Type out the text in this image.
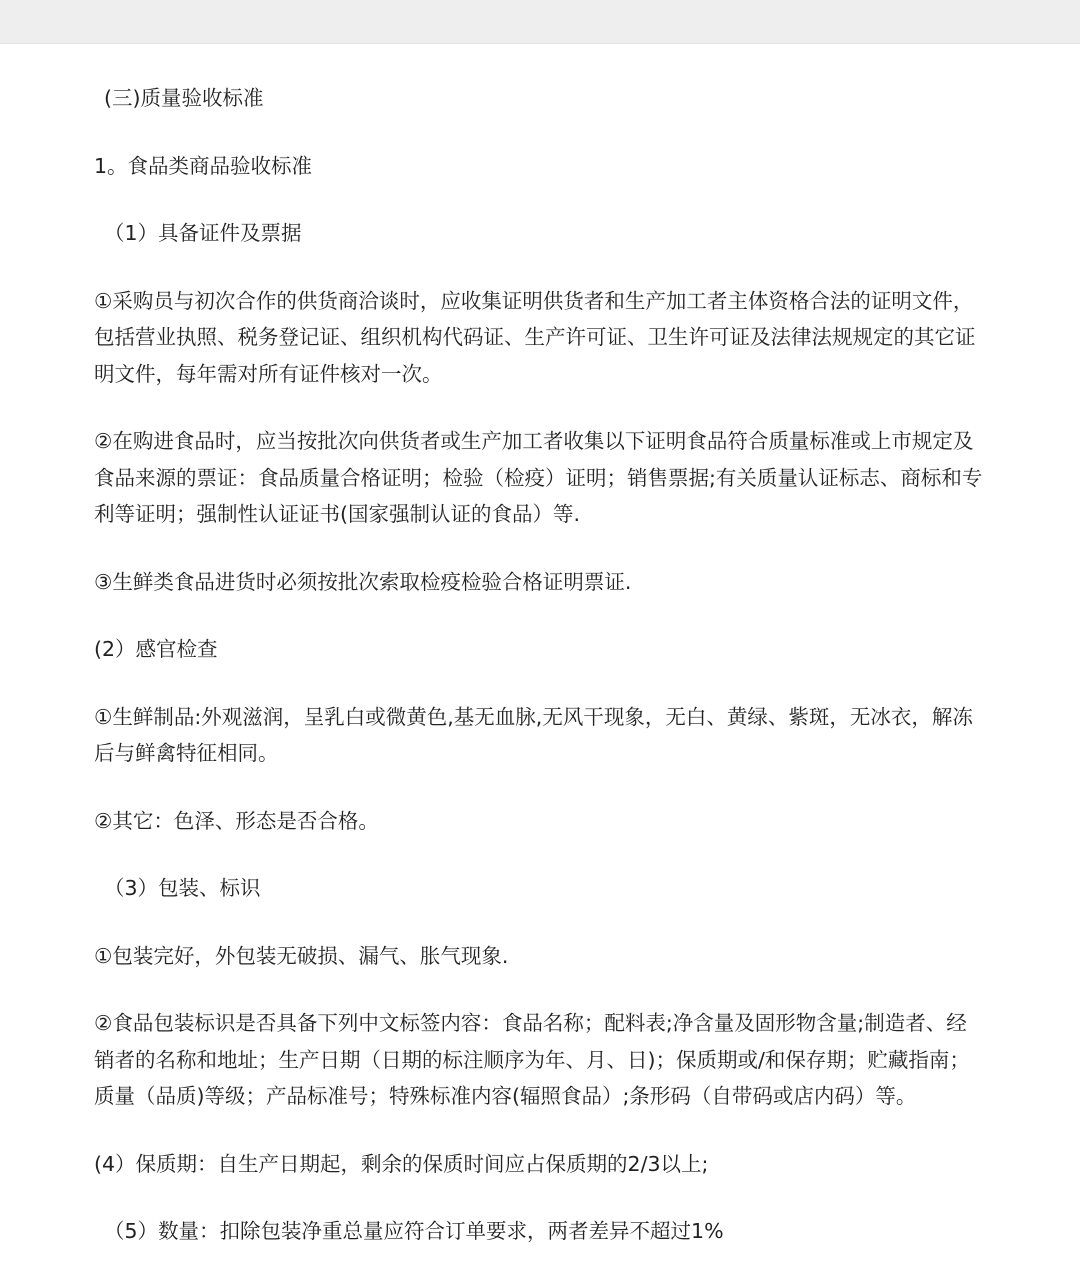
(三)质量验收标准

1。食品类商品验收标准

（1）具备证件及票据

①采购员与初次合作的供货商洽谈时，应收集证明供货者和生产加工者主体资格合法的证明文件，包括营业执照、税务登记证、组织机构代码证、生产许可证、卫生许可证及法律法规规定的其它证明文件，每年需对所有证件核对一次。

②在购进食品时，应当按批次向供货者或生产加工者收集以下证明食品符合质量标准或上市规定及食品来源的票证：食品质量合格证明；检验（检疫）证明；销售票据;有关质量认证标志、商标和专利等证明；强制性认证证书(国家强制认证的食品）等.

③生鲜类食品进货时必须按批次索取检疫检验合格证明票证.

(2）感官检查

①生鲜制品:外观滋润，呈乳白或微黄色,基无血脉,无风干现象，无白、黄绿、紫斑，无冰衣，解冻后与鲜禽特征相同。

②其它：色泽、形态是否合格。

（3）包装、标识

①包装完好，外包装无破损、漏气、胀气现象.

②食品包装标识是否具备下列中文标签内容：食品名称；配料表;净含量及固形物含量;制造者、经销者的名称和地址；生产日期（日期的标注顺序为年、月、日)；保质期或/和保存期；贮藏指南；质量（品质)等级；产品标准号；特殊标准内容(辐照食品）;条形码（自带码或店内码）等。

(4）保质期：自生产日期起，剩余的保质时间应占保质期的2/3以上;

（5）数量：扣除包装净重总量应符合订单要求，两者差异不超过1%
